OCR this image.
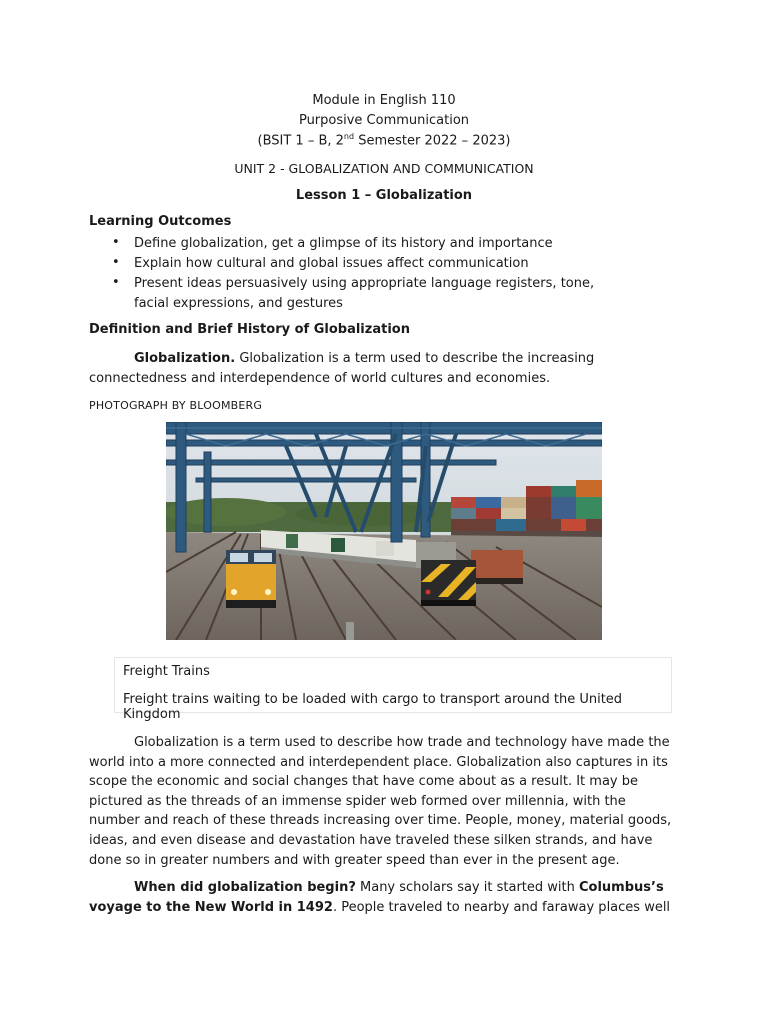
Module in English 110
Purposive Communication
(BSIT 1 – B, 2nd Semester 2022 – 2023)
UNIT 2 - GLOBALIZATION AND COMMUNICATION
Lesson 1 – Globalization
Learning Outcomes
• Define globalization, get a glimpse of its history and importance
• Explain how cultural and global issues affect communication
• Present ideas persuasively using appropriate language registers, tone, facial expressions, and gestures
Definition and Brief History of Globalization
Globalization. Globalization is a term used to describe the increasing connectedness and interdependence of world cultures and economies.
PHOTOGRAPH BY BLOOMBERG
Freight Trains
Freight trains waiting to be loaded with cargo to transport around the United Kingdom
Globalization is a term used to describe how trade and technology have made the world into a more connected and interdependent place. Globalization also captures in its scope the economic and social changes that have come about as a result. It may be pictured as the threads of an immense spider web formed over millennia, with the number and reach of these threads increasing over time. People, money, material goods, ideas, and even disease and devastation have traveled these silken strands, and have done so in greater numbers and with greater speed than ever in the present age.
When did globalization begin? Many scholars say it started with Columbus’s voyage to the New World in 1492. People traveled to nearby and faraway places well
